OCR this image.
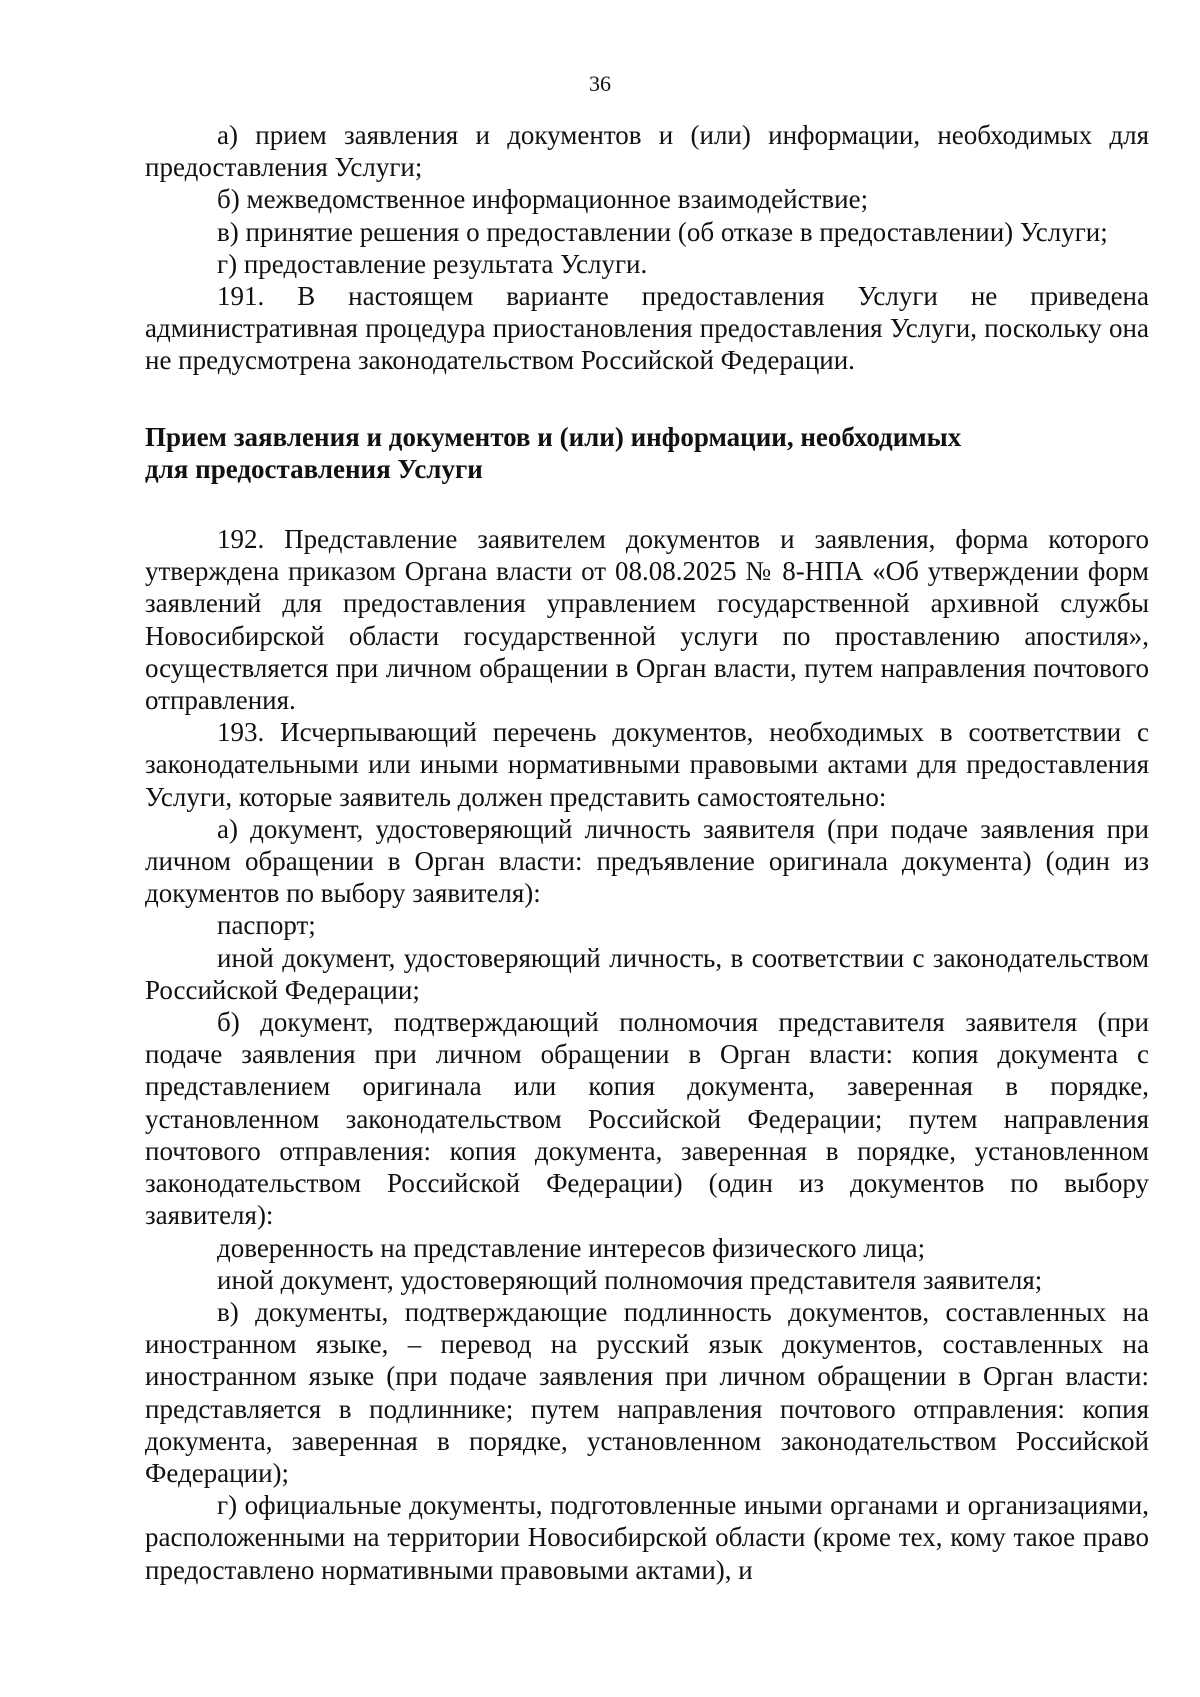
36

а) прием заявления и документов и (или) информации, необходимых для предоставления Услуги;

б) межведомственное информационное взаимодействие;

в) принятие решения о предоставлении (об отказе в предоставлении) Услуги;

г) предоставление результата Услуги.

191. В настоящем варианте предоставления Услуги не приведена административная процедура приостановления предоставления Услуги, поскольку она не предусмотрена законодательством Российской Федерации.

Прием заявления и документов и (или) информации, необходимых
для предоставления Услуги

192. Представление заявителем документов и заявления, форма которого утверждена приказом Органа власти от 08.08.2025 № 8-НПА «Об утверждении форм заявлений для предоставления управлением государственной архивной службы Новосибирской области государственной услуги по проставлению апостиля», осуществляется при личном обращении в Орган власти, путем направления почтового отправления.

193. Исчерпывающий перечень документов, необходимых в соответствии с законодательными или иными нормативными правовыми актами для предоставления Услуги, которые заявитель должен представить самостоятельно:

а) документ, удостоверяющий личность заявителя (при подаче заявления при личном обращении в Орган власти: предъявление оригинала документа) (один из документов по выбору заявителя):

паспорт;

иной документ, удостоверяющий личность, в соответствии с законодательством Российской Федерации;

б) документ, подтверждающий полномочия представителя заявителя (при подаче заявления при личном обращении в Орган власти: копия документа с представлением оригинала или копия документа, заверенная в порядке, установленном законодательством Российской Федерации; путем направления почтового отправления: копия документа, заверенная в порядке, установленном законодательством Российской Федерации) (один из документов по выбору заявителя):

доверенность на представление интересов физического лица;

иной документ, удостоверяющий полномочия представителя заявителя;

в) документы, подтверждающие подлинность документов, составленных на иностранном языке, – перевод на русский язык документов, составленных на иностранном языке (при подаче заявления при личном обращении в Орган власти: представляется в подлиннике; путем направления почтового отправления: копия документа, заверенная в порядке, установленном законодательством Российской Федерации);

г) официальные документы, подготовленные иными органами и организациями, расположенными на территории Новосибирской области (кроме тех, кому такое право предоставлено нормативными правовыми актами), и
